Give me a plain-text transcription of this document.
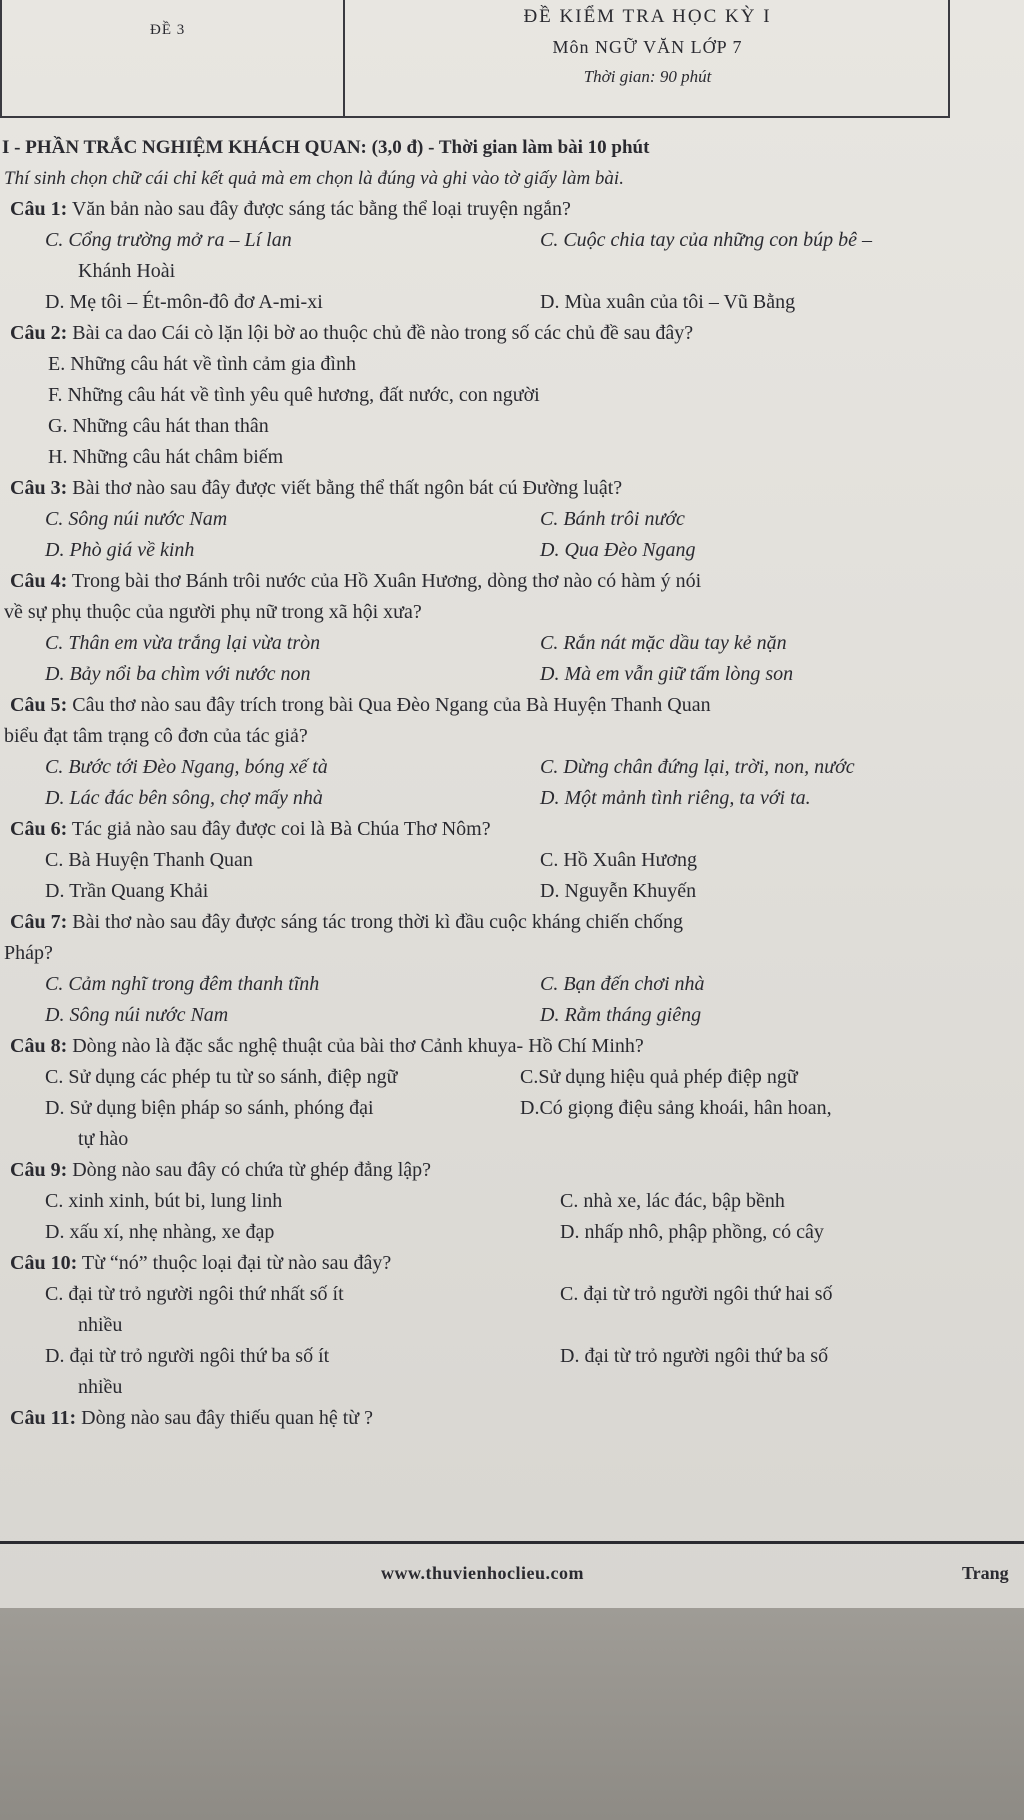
ĐỀ 3
ĐỀ KIỂM TRA HỌC KỲ I
Môn NGỮ VĂN LỚP 7
Thời gian: 90 phút
I - PHẦN TRẮC NGHIỆM KHÁCH QUAN: (3,0 đ) - Thời gian làm bài 10 phút
Thí sinh chọn chữ cái chỉ kết quả mà em chọn là đúng và ghi vào tờ giấy làm bài.
Câu 1: Văn bản nào sau đây được sáng tác bằng thể loại truyện ngắn?
C. Cổng trường mở ra – Lí lan	C. Cuộc chia tay của những con búp bê –
Khánh Hoài
D. Mẹ tôi – Ét-môn-đô đơ A-mi-xi	D. Mùa xuân của tôi – Vũ Bằng
Câu 2: Bài ca dao Cái cò lặn lội bờ ao thuộc chủ đề nào trong số các chủ đề sau đây?
E. Những câu hát về tình cảm gia đình
F. Những câu hát về tình yêu quê hương, đất nước, con người
G. Những câu hát than thân
H. Những câu hát châm biếm
Câu 3: Bài thơ nào sau đây được viết bằng thể thất ngôn bát cú Đường luật?
C. Sông núi nước Nam	C. Bánh trôi nước
D. Phò giá về kinh	D. Qua Đèo Ngang
Câu 4: Trong bài thơ Bánh trôi nước của Hồ Xuân Hương, dòng thơ nào có hàm ý nói
về sự phụ thuộc của người phụ nữ trong xã hội xưa?
C. Thân em vừa trắng lại vừa tròn	C. Rắn nát mặc dầu tay kẻ nặn
D. Bảy nổi ba chìm với nước non	D. Mà em vẫn giữ tấm lòng son
Câu 5: Câu thơ nào sau đây trích trong bài Qua Đèo Ngang của Bà Huyện Thanh Quan
biểu đạt tâm trạng cô đơn của tác giả?
C. Bước tới Đèo Ngang, bóng xế tà	C. Dừng chân đứng lại, trời, non, nước
D. Lác đác bên sông, chợ mấy nhà	D. Một mảnh tình riêng, ta với ta.
Câu 6: Tác giả nào sau đây được coi là Bà Chúa Thơ Nôm?
C. Bà Huyện Thanh Quan	C. Hồ Xuân Hương
D. Trần Quang Khải	D. Nguyễn Khuyến
Câu 7: Bài thơ nào sau đây được sáng tác trong thời kì đầu cuộc kháng chiến chống
Pháp?
C. Cảm nghĩ trong đêm thanh tĩnh	C. Bạn đến chơi nhà
D. Sông núi nước Nam	D. Rằm tháng giêng
Câu 8: Dòng nào là đặc sắc nghệ thuật của bài thơ Cảnh khuya- Hồ Chí Minh?
C. Sử dụng các phép tu từ so sánh, điệp ngữ	C.Sử dụng hiệu quả phép điệp ngữ
D. Sử dụng biện pháp so sánh, phóng đại	D.Có giọng điệu sảng khoái, hân hoan,
tự hào
Câu 9: Dòng nào sau đây có chứa từ ghép đẳng lập?
C. xinh xinh, bút bi, lung linh	C. nhà xe, lác đác, bập bềnh
D. xấu xí, nhẹ nhàng, xe đạp	D. nhấp nhô, phập phồng, có cây
Câu 10: Từ “nó” thuộc loại đại từ nào sau đây?
C. đại từ trỏ người ngôi thứ nhất số ít	C. đại từ trỏ người ngôi thứ hai số
nhiều
D. đại từ trỏ người ngôi thứ ba số ít	D. đại từ trỏ người ngôi thứ ba số
nhiều
Câu 11: Dòng nào sau đây thiếu quan hệ từ ?
www.thuvienhoclieu.com	Trang
